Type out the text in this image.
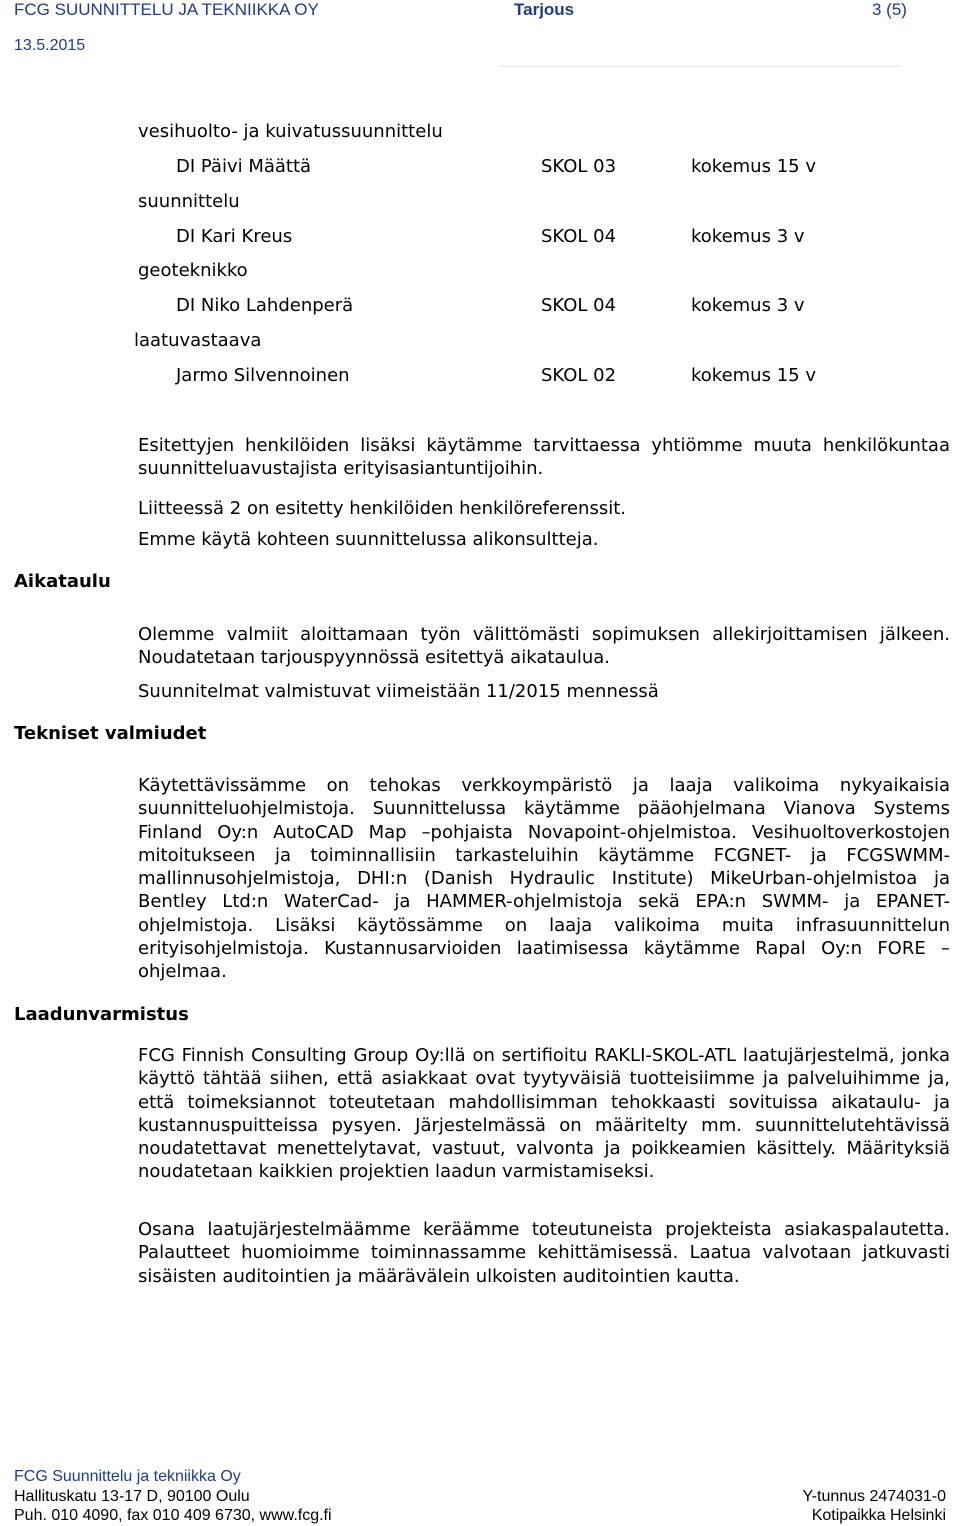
FCG SUUNNITTELU JA TEKNIIKKA OY	Tarjous	3 (5)
13.5.2015
vesihuolto- ja kuivatussuunnittelu
DI Päivi Määttä	SKOL 03	kokemus 15 v
suunnittelu
DI Kari Kreus	SKOL 04	kokemus 3 v
geoteknikko
DI Niko Lahdenperä	SKOL 04	kokemus 3 v
laatuvastaava
Jarmo Silvennoinen	SKOL 02	kokemus 15 v

Esitettyjen henkilöiden lisäksi käytämme tarvittaessa yhtiömme muuta henkilökuntaa suunnitteluavustajista erityisasiantuntijoihin.

Liitteessä 2 on esitetty henkilöiden henkilöreferenssit.
Emme käytä kohteen suunnittelussa alikonsultteja.
Aikataulu

Olemme valmiit aloittamaan työn välittömästi sopimuksen allekirjoittamisen jälkeen. Noudatetaan tarjouspyynnössä esitettyä aikataulua.

Suunnitelmat valmistuvat viimeistään 11/2015 mennessä
Tekniset valmiudet

Käytettävissämme on tehokas verkkoympäristö ja laaja valikoima nykyaikaisia suunnitteluohjelmistoja. Suunnittelussa käytämme pääohjelmana Vianova Systems Finland Oy:n AutoCAD Map –pohjaista Novapoint-ohjelmistoa. Vesihuoltoverkostojen mitoitukseen ja toiminnallisiin tarkasteluihin käytämme FCGNET- ja FCGSWMM-mallinnusohjelmistoja, DHI:n (Danish Hydraulic Institute) MikeUrban-ohjelmistoa ja Bentley Ltd:n WaterCad- ja HAMMER-ohjelmistoja sekä EPA:n SWMM- ja EPANET-ohjelmistoja. Lisäksi käytössämme on laaja valikoima muita infrasuunnittelun erityisohjelmistoja. Kustannusarvioiden laatimisessa käytämme Rapal Oy:n FORE – ohjelmaa.

Laadunvarmistus

FCG Finnish Consulting Group Oy:llä on sertifioitu RAKLI-SKOL-ATL laatujärjestelmä, jonka käyttö tähtää siihen, että asiakkaat ovat tyytyväisiä tuotteisiimme ja palveluihimme ja, että toimeksiannot toteutetaan mahdollisimman tehokkaasti sovituissa aikataulu- ja kustannuspuitteissa pysyen. Järjestelmässä on määritelty mm. suunnittelutehtävissä noudatettavat menettelytavat, vastuut, valvonta ja poikkeamien käsittely. Määrityksiä noudatetaan kaikkien projektien laadun varmistamiseksi.

Osana laatujärjestelmäämme keräämme toteutuneista projekteista asiakaspalautetta. Palautteet huomioimme toiminnassamme kehittämisessä. Laatua valvotaan jatkuvasti sisäisten auditointien ja määrävälein ulkoisten auditointien kautta.

FCG Suunnittelu ja tekniikka Oy
Hallituskatu 13-17 D, 90100 Oulu
Puh. 010 4090, fax 010 409 6730, www.fcg.fi
Y-tunnus 2474031-0
Kotipaikka Helsinki
